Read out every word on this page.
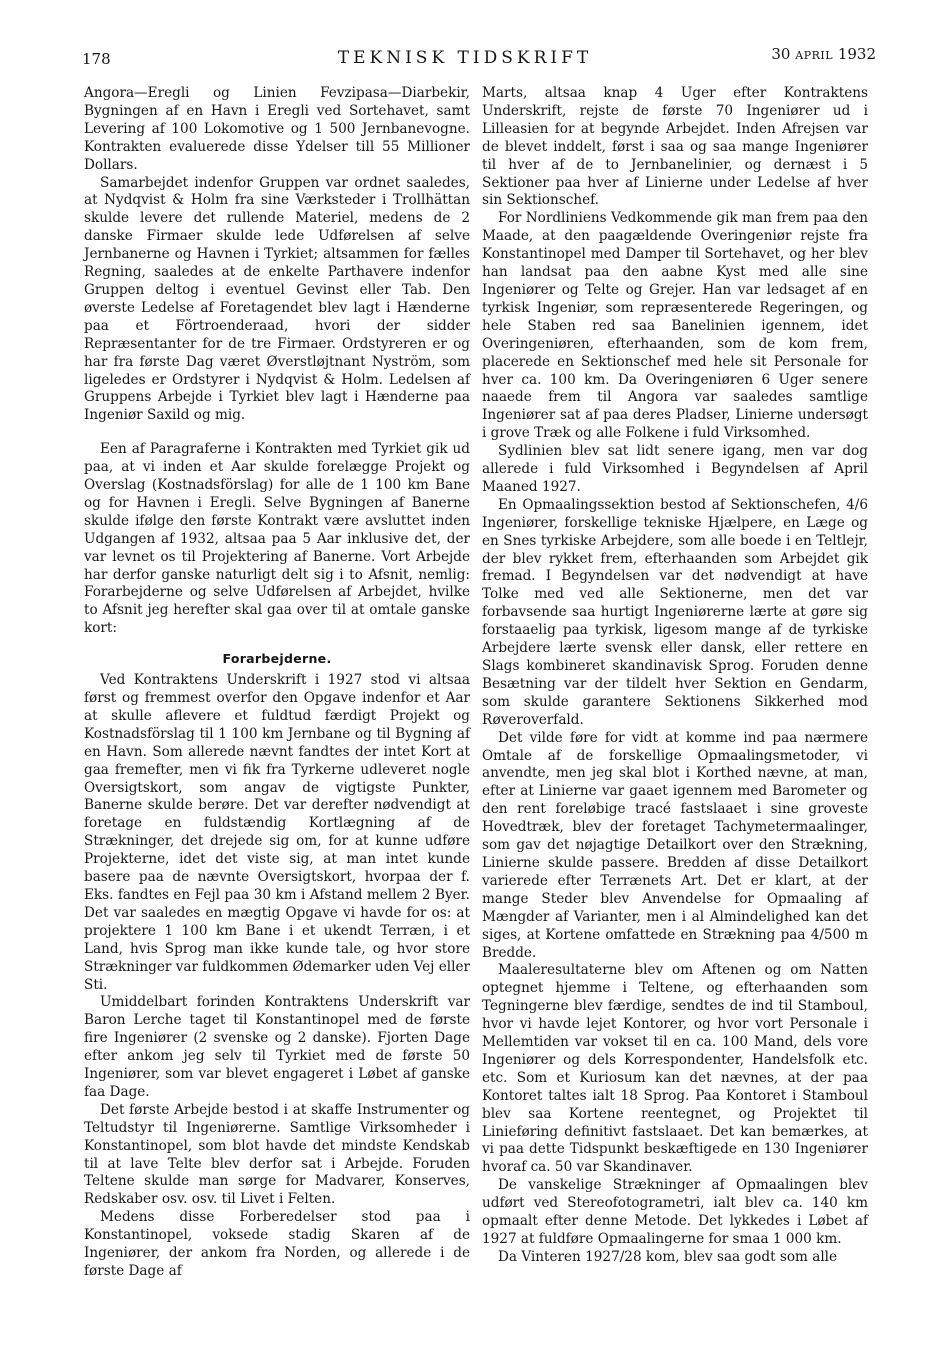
178	TEKNISK TIDSKRIFT	30 APRIL 1932

Angora—Eregli og Linien Fevzipasa—Diarbekir, Bygningen af en Havn i Eregli ved Sortehavet, samt Levering af 100 Lokomotive og 1 500 Jernbanevogne. Kontrakten evaluerede disse Ydelser till 55 Millioner Dollars.

Samarbejdet indenfor Gruppen var ordnet saaledes, at Nydqvist & Holm fra sine Værksteder i Trollhättan skulde levere det rullende Materiel, medens de 2 danske Firmaer skulde lede Udførelsen af selve Jernbanerne og Havnen i Tyrkiet; altsammen for fælles Regning, saaledes at de enkelte Parthavere indenfor Gruppen deltog i eventuel Gevinst eller Tab. Den øverste Ledelse af Foretagendet blev lagt i Hænderne paa et Förtroenderaad, hvori der sidder Repræsentanter for de tre Firmaer. Ordstyreren er og har fra første Dag været Øverstløjtnant Nyström, som ligeledes er Ordstyrer i Nydqvist & Holm. Ledelsen af Gruppens Arbejde i Tyrkiet blev lagt i Hænderne paa Ingeniør Saxild og mig.

Een af Paragraferne i Kontrakten med Tyrkiet gik ud paa, at vi inden et Aar skulde forelægge Projekt og Overslag (Kostnadsförslag) for alle de 1 100 km Bane og for Havnen i Eregli. Selve Bygningen af Banerne skulde ifølge den første Kontrakt være avsluttet inden Udgangen af 1932, altsaa paa 5 Aar inklusive det, der var levnet os til Projektering af Banerne. Vort Arbejde har derfor ganske naturligt delt sig i to Afsnit, nemlig: Forarbejderne og selve Udførelsen af Arbejdet, hvilke to Afsnit jeg herefter skal gaa over til at omtale ganske kort:

Forarbejderne.

Ved Kontraktens Underskrift i 1927 stod vi altsaa først og fremmest overfor den Opgave indenfor et Aar at skulle aflevere et fuldtud færdigt Projekt og Kostnadsförslag til 1 100 km Jernbane og til Bygning af en Havn. Som allerede nævnt fandtes der intet Kort at gaa fremefter, men vi fik fra Tyrkerne udleveret nogle Oversigtskort, som angav de vigtigste Punkter, Banerne skulde berøre. Det var derefter nødvendigt at foretage en fuldstændig Kortlægning af de Strækninger, det drejede sig om, for at kunne udføre Projekterne, idet det viste sig, at man intet kunde basere paa de nævnte Oversigtskort, hvorpaa der f. Eks. fandtes en Fejl paa 30 km i Afstand mellem 2 Byer. Det var saaledes en mægtig Opgave vi havde for os: at projektere 1 100 km Bane i et ukendt Terræn, i et Land, hvis Sprog man ikke kunde tale, og hvor store Strækninger var fuldkommen Ødemarker uden Vej eller Sti.

Umiddelbart forinden Kontraktens Underskrift var Baron Lerche taget til Konstantinopel med de første fire Ingeniører (2 svenske og 2 danske). Fjorten Dage efter ankom jeg selv til Tyrkiet med de første 50 Ingeniører, som var blevet engageret i Løbet af ganske faa Dage.

Det første Arbejde bestod i at skaffe Instrumenter og Teltudstyr til Ingeniørerne. Samtlige Virksomheder i Konstantinopel, som blot havde det mindste Kendskab til at lave Telte blev derfor sat i Arbejde. Foruden Teltene skulde man sørge for Madvarer, Konserves, Redskaber osv. osv. til Livet i Felten.

Medens disse Forberedelser stod paa i Konstantinopel, voksede stadig Skaren af de Ingeniører, der ankom fra Norden, og allerede i de første Dage af

Marts, altsaa knap 4 Uger efter Kontraktens Underskrift, rejste de første 70 Ingeniører ud i Lilleasien for at begynde Arbejdet. Inden Afrejsen var de blevet inddelt, først i saa og saa mange Ingeniører til hver af de to Jernbanelinier, og dernæst i 5 Sektioner paa hver af Linierne under Ledelse af hver sin Sektionschef.

For Nordliniens Vedkommende gik man frem paa den Maade, at den paagældende Overingeniør rejste fra Konstantinopel med Damper til Sortehavet, og her blev han landsat paa den aabne Kyst med alle sine Ingeniører og Telte og Grejer. Han var ledsaget af en tyrkisk Ingeniør, som repræsenterede Regeringen, og hele Staben red saa Banelinien igennem, idet Overingeniøren, efterhaanden, som de kom frem, placerede en Sektionschef med hele sit Personale for hver ca. 100 km. Da Overingeniøren 6 Uger senere naaede frem til Angora var saaledes samtlige Ingeniører sat af paa deres Pladser, Linierne undersøgt i grove Træk og alle Folkene i fuld Virksomhed.

Sydlinien blev sat lidt senere igang, men var dog allerede i fuld Virksomhed i Begyndelsen af April Maaned 1927.

En Opmaalingssektion bestod af Sektionschefen, 4/6 Ingeniører, forskellige tekniske Hjælpere, en Læge og en Snes tyrkiske Arbejdere, som alle boede i en Teltlejr, der blev rykket frem, efterhaanden som Arbejdet gik fremad. I Begyndelsen var det nødvendigt at have Tolke med ved alle Sektionerne, men det var forbavsende saa hurtigt Ingeniørerne lærte at gøre sig forstaaelig paa tyrkisk, ligesom mange af de tyrkiske Arbejdere lærte svensk eller dansk, eller rettere en Slags kombineret skandinavisk Sprog. Foruden denne Besætning var der tildelt hver Sektion en Gendarm, som skulde garantere Sektionens Sikkerhed mod Røveroverfald.

Det vilde føre for vidt at komme ind paa nærmere Omtale af de forskellige Opmaalingsmetoder, vi anvendte, men jeg skal blot i Korthed nævne, at man, efter at Linierne var gaaet igennem med Barometer og den rent foreløbige tracé fastslaaet i sine groveste Hovedtræk, blev der foretaget Tachymetermaalinger, som gav det nøjagtige Detailkort over den Strækning, Linierne skulde passere. Bredden af disse Detailkort varierede efter Terrænets Art. Det er klart, at der mange Steder blev Anvendelse for Opmaaling af Mængder af Varianter, men i al Almindelighed kan det siges, at Kortene omfattede en Strækning paa 4/500 m Bredde.

Maaleresultaterne blev om Aftenen og om Natten optegnet hjemme i Teltene, og efterhaanden som Tegningerne blev færdige, sendtes de ind til Stamboul, hvor vi havde lejet Kontorer, og hvor vort Personale i Mellemtiden var vokset til en ca. 100 Mand, dels vore Ingeniører og dels Korrespondenter, Handelsfolk etc. etc. Som et Kuriosum kan det nævnes, at der paa Kontoret taltes ialt 18 Sprog. Paa Kontoret i Stamboul blev saa Kortene reentegnet, og Projektet til Linieføring definitivt fastslaaet. Det kan bemærkes, at vi paa dette Tidspunkt beskæftigede en 130 Ingeniører hvoraf ca. 50 var Skandinaver.

De vanskelige Strækninger af Opmaalingen blev udført ved Stereofotogrametri, ialt blev ca. 140 km opmaalt efter denne Metode. Det lykkedes i Løbet af 1927 at fuldføre Opmaalingerne for smaa 1 000 km.

Da Vinteren 1927/28 kom, blev saa godt som alle
